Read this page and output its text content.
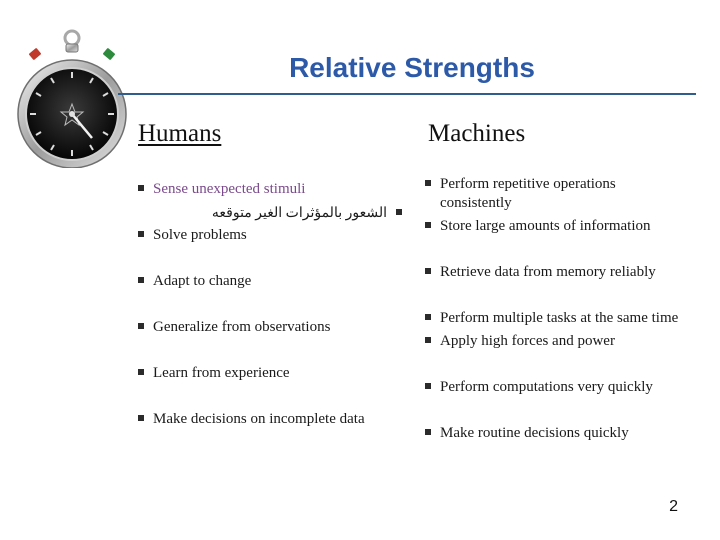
Relative Strengths
Humans	Machines
Sense unexpected stimuli
الشعور بالمؤثرات الغير متوقعه
Solve problems
Adapt to change
Generalize from observations
Learn from experience
Make decisions on incomplete data
Perform repetitive operations
consistently
Store large amounts of information
Retrieve data from memory reliably
Perform multiple tasks at the same time
Apply high forces and power
Perform computations very quickly
Make routine decisions quickly
2
